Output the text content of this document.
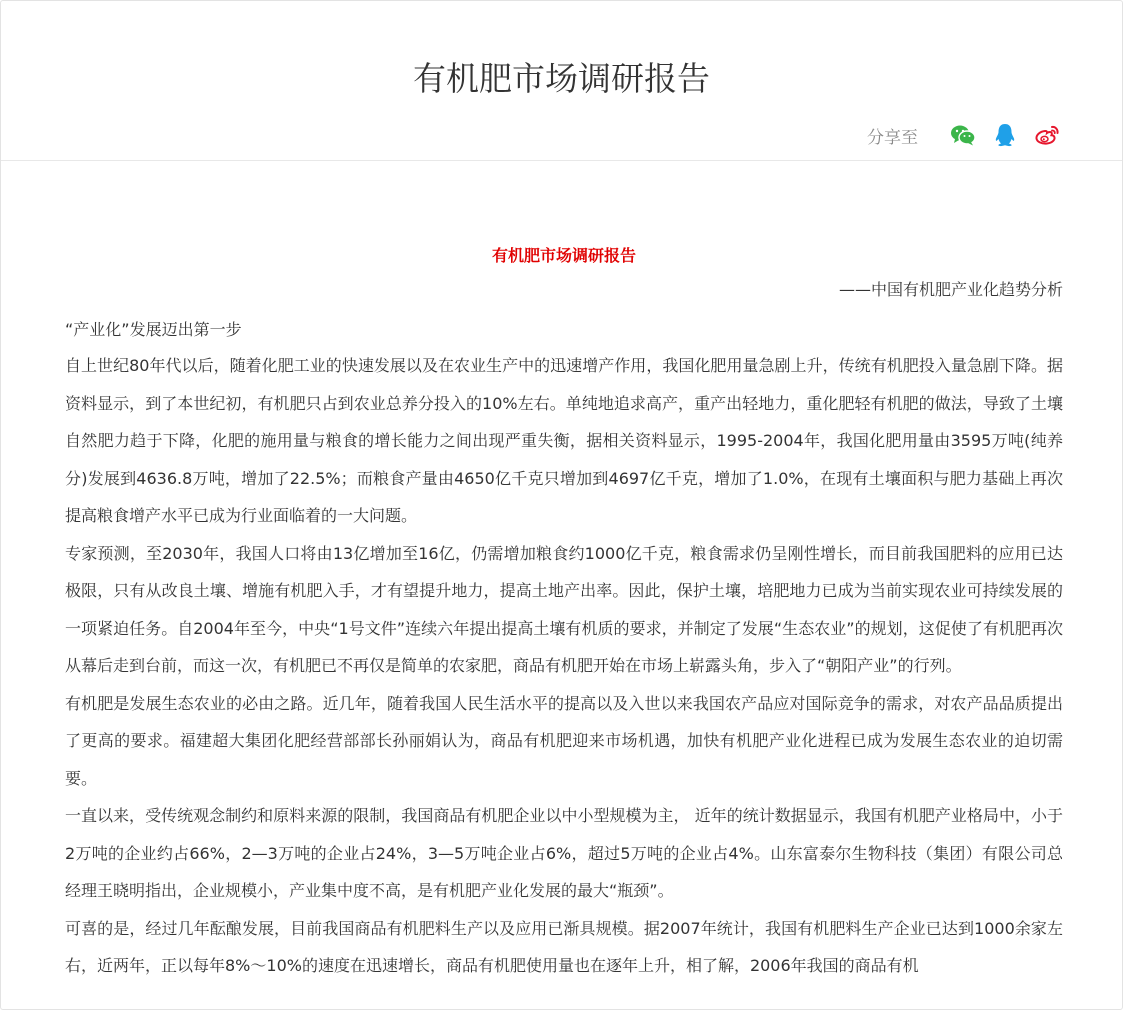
有机肥市场调研报告
分享至

有机肥市场调研报告

——中国有机肥产业化趋势分析
“产业化”发展迈出第一步

自上世纪80年代以后，随着化肥工业的快速发展以及在农业生产中的迅速增产作用，我国化肥用量急剧上升，传统有机肥投入量急剧下降。据资料显示，到了本世纪初，有机肥只占到农业总养分投入的10%左右。单纯地追求高产，重产出轻地力，重化肥轻有机肥的做法，导致了土壤自然肥力趋于下降，化肥的施用量与粮食的增长能力之间出现严重失衡，据相关资料显示，1995-2004年，我国化肥用量由3595万吨(纯养分)发展到4636.8万吨，增加了22.5%；而粮食产量由4650亿千克只增加到4697亿千克，增加了1.0%，在现有土壤面积与肥力基础上再次提高粮食增产水平已成为行业面临着的一大问题。

专家预测，至2030年，我国人口将由13亿增加至16亿，仍需增加粮食约1000亿千克，粮食需求仍呈刚性增长，而目前我国肥料的应用已达极限，只有从改良土壤、增施有机肥入手，才有望提升地力，提高土地产出率。因此，保护土壤，培肥地力已成为当前实现农业可持续发展的一项紧迫任务。自2004年至今，中央“1号文件”连续六年提出提高土壤有机质的要求，并制定了发展“生态农业”的规划，这促使了有机肥再次从幕后走到台前，而这一次，有机肥已不再仅是简单的农家肥，商品有机肥开始在市场上崭露头角，步入了“朝阳产业”的行列。

有机肥是发展生态农业的必由之路。近几年，随着我国人民生活水平的提高以及入世以来我国农产品应对国际竞争的需求，对农产品品质提出了更高的要求。福建超大集团化肥经营部部长孙丽娟认为，商品有机肥迎来市场机遇，加快有机肥产业化进程已成为发展生态农业的迫切需要。

一直以来，受传统观念制约和原料来源的限制，我国商品有机肥企业以中小型规模为主， 近年的统计数据显示，我国有机肥产业格局中，小于2万吨的企业约占66%，2—3万吨的企业占24%，3—5万吨企业占6%，超过5万吨的企业占4%。山东富泰尔生物科技（集团）有限公司总经理王晓明指出，企业规模小，产业集中度不高，是有机肥产业化发展的最大“瓶颈”。

可喜的是，经过几年酝酿发展，目前我国商品有机肥料生产以及应用已渐具规模。据2007年统计，我国有机肥料生产企业已达到1000余家左右，近两年，正以每年8%～10%的速度在迅速增长，商品有机肥使用量也在逐年上升，相了解，2006年我国的商品有机
